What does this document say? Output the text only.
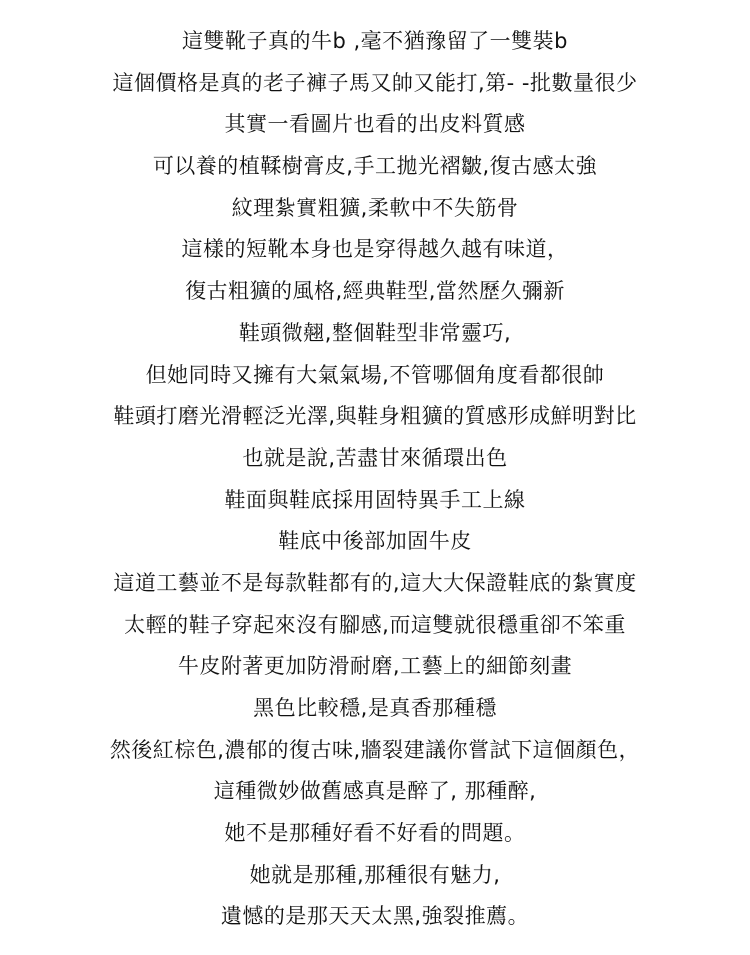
這雙靴子真的牛b ,毫不猶豫留了一雙裝b
這個價格是真的老子褲子馬又帥又能打,第- -批數量很少
其實一看圖片也看的出皮料質感
可以養的植鞣樹膏皮,手工拋光褶皺,復古感太強
紋理紮實粗獷,柔軟中不失筋骨
這樣的短靴本身也是穿得越久越有味道，
復古粗獷的風格,經典鞋型,當然歷久彌新
鞋頭微翹,整個鞋型非常靈巧,
但她同時又擁有大氣氣場,不管哪個角度看都很帥
鞋頭打磨光滑輕泛光澤,與鞋身粗獷的質感形成鮮明對比
也就是說,苦盡甘來循環出色
鞋面與鞋底採用固特異手工上線
鞋底中後部加固牛皮
這道工藝並不是每款鞋都有的,這大大保證鞋底的紮實度
太輕的鞋子穿起來沒有腳感,而這雙就很穩重卻不笨重
牛皮附著更加防滑耐磨,工藝上的細節刻畫
黑色比較穩,是真香那種穩
然後紅棕色,濃郁的復古味,牆裂建議你嘗試下這個顏色，
這種微妙做舊感真是醉了, 那種醉,
她不是那種好看不好看的問題。
她就是那種,那種很有魅力,
遺憾的是那天天太黑,強裂推薦。
